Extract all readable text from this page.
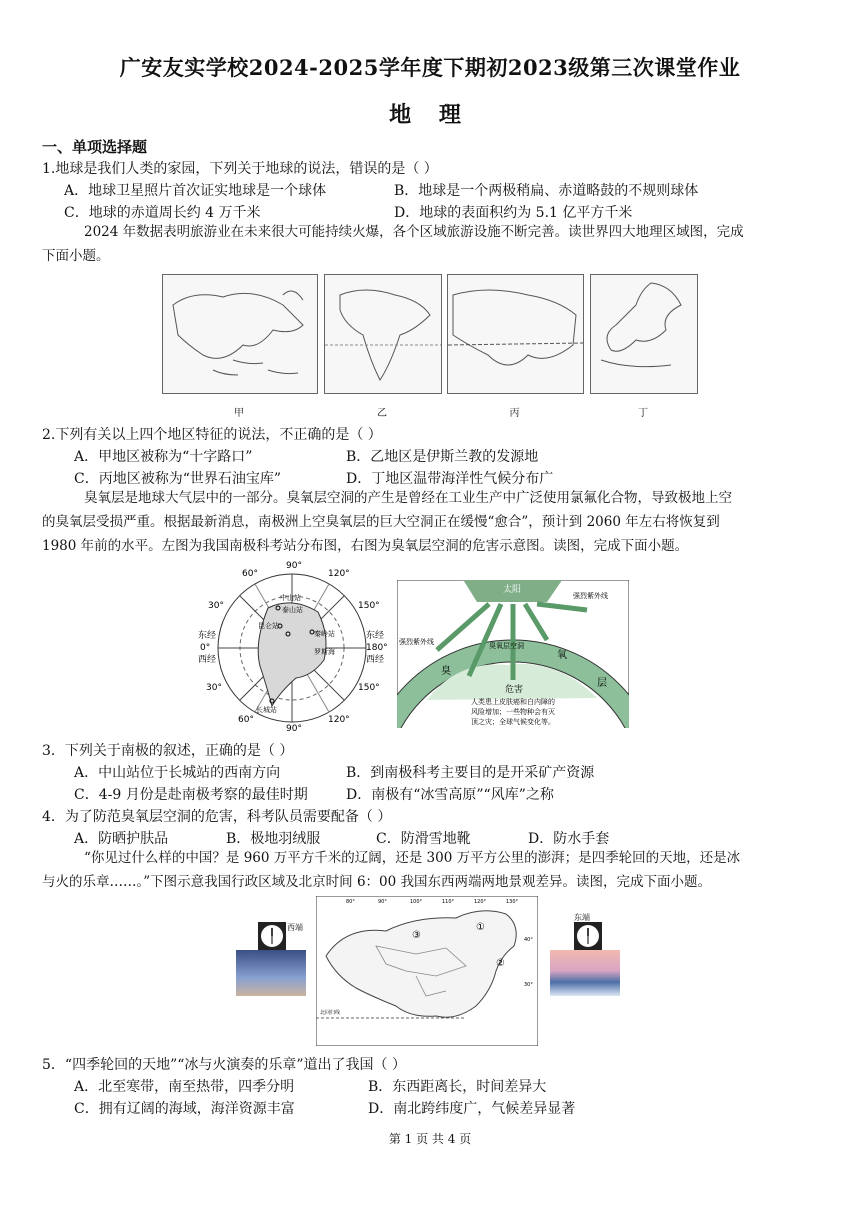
广安友实学校2024-2025学年度下期初2023级第三次课堂作业
地 理
一、单项选择题
1.地球是我们人类的家园，下列关于地球的说法，错误的是（ ）
A．地球卫星照片首次证实地球是一个球体	B．地球是一个两极稍扁、赤道略鼓的不规则球体
C．地球的赤道周长约 4 万千米	D．地球的表面积约为 5.1 亿平方千米
2024 年数据表明旅游业在未来很大可能持续火爆，各个区域旅游设施不断完善。读世界四大地理区域图，完成
下面小题。
甲	乙	丙	丁
2.下列有关以上四个地区特征的说法，不正确的是（ ）
A．甲地区被称为“十字路口”	B．乙地区是伊斯兰教的发源地
C．丙地区被称为“世界石油宝库”	D．丁地区温带海洋性气候分布广
臭氧层是地球大气层中的一部分。臭氧层空洞的产生是曾经在工业生产中广泛使用氯氟化合物，导致极地上空
的臭氧层受损严重。根据最新消息，南极洲上空臭氧层的巨大空洞正在缓慢“愈合”，预计到 2060 年左右将恢复到
1980 年前的水平。左图为我国南极科考站分布图，右图为臭氧层空洞的危害示意图。读图，完成下面小题。
90°
60°	120°
30°	150°
东经
0°
西经
东经
180°
西经
30°	150°
60°
90°
120°
中山站
泰山站
昆仑站
秦岭站
罗斯海
长城站
太阳
强烈紫外线
强烈紫外线	臭氧层空洞
臭
氧
层
危害
人类患上皮肤癌和白内障的
风险增加；一些物种会有灭
顶之灾；全球气候变化等。
3．下列关于南极的叙述，正确的是（ ）
A．中山站位于长城站的西南方向	B．到南极科考主要目的是开采矿产资源
C．4-9 月份是赴南极考察的最佳时期	D．南极有“冰雪高原”“风库”之称
4．为了防范臭氧层空洞的危害，科考队员需要配备（ ）
A．防晒护肤品	B．极地羽绒服	C．防滑雪地靴	D．防水手套
“你见过什么样的中国？是 960 万平方千米的辽阔，还是 300 万平方公里的澎湃；是四季轮回的天地，还是冰
与火的乐章……。”下图示意我国行政区域及北京时间 6：00 我国东西两端两地景观差异。读图，完成下面小题。
西端
东端
80°	90°	100°	110°	120°	130°
40°
30°
③
①
②
北回归线
5．“四季轮回的天地”“冰与火演奏的乐章”道出了我国（ ）
A．北至寒带，南至热带，四季分明	B．东西距离长，时间差异大
C．拥有辽阔的海域，海洋资源丰富	D．南北跨纬度广，气候差异显著
第 1 页 共 4 页
